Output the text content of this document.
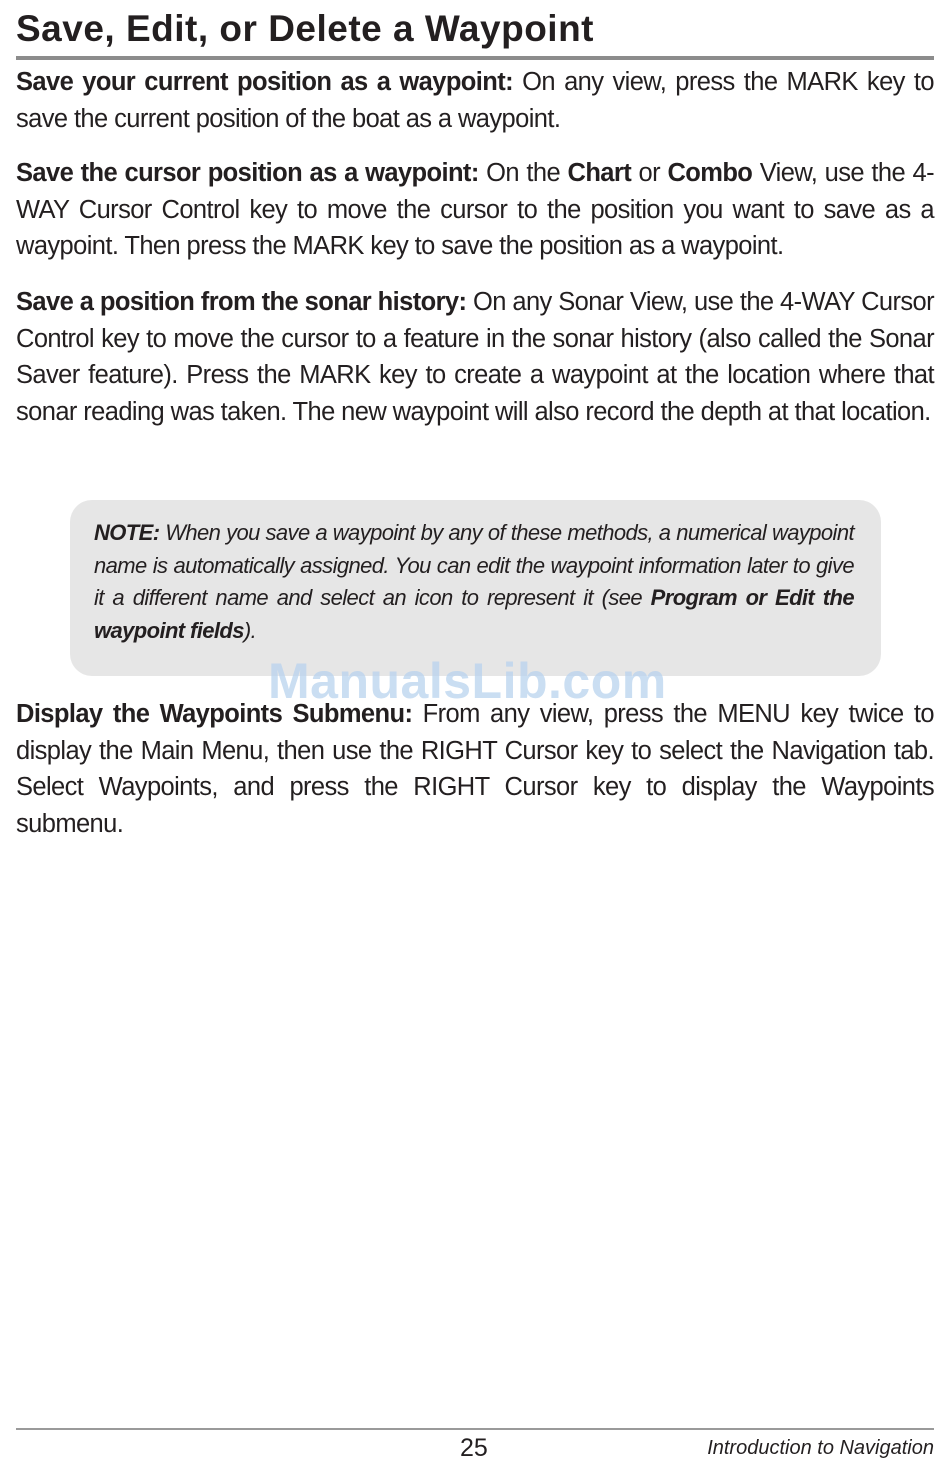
Save, Edit, or Delete a Waypoint

Save your current position as a waypoint: On any view, press the MARK key to save the current position of the boat as a waypoint.

Save the cursor position as a waypoint: On the Chart or Combo View, use the 4-WAY Cursor Control key to move the cursor to the position you want to save as a waypoint. Then press the MARK key to save the position as a waypoint.

Save a position from the sonar history: On any Sonar View, use the 4-WAY Cursor Control key to move the cursor to a feature in the sonar history (also called the Sonar Saver feature). Press the MARK key to create a waypoint at the location where that sonar reading was taken. The new waypoint will also record the depth at that location.

NOTE: When you save a waypoint by any of these methods, a numerical waypoint name is automatically assigned. You can edit the waypoint information later to give it a different name and select an icon to represent it (see Program or Edit the waypoint fields).

ManualsLib.com

Display the Waypoints Submenu: From any view, press the MENU key twice to display the Main Menu, then use the RIGHT Cursor key to select the Navigation tab. Select Waypoints, and press the RIGHT Cursor key to display the Waypoints submenu.

25	Introduction to Navigation
